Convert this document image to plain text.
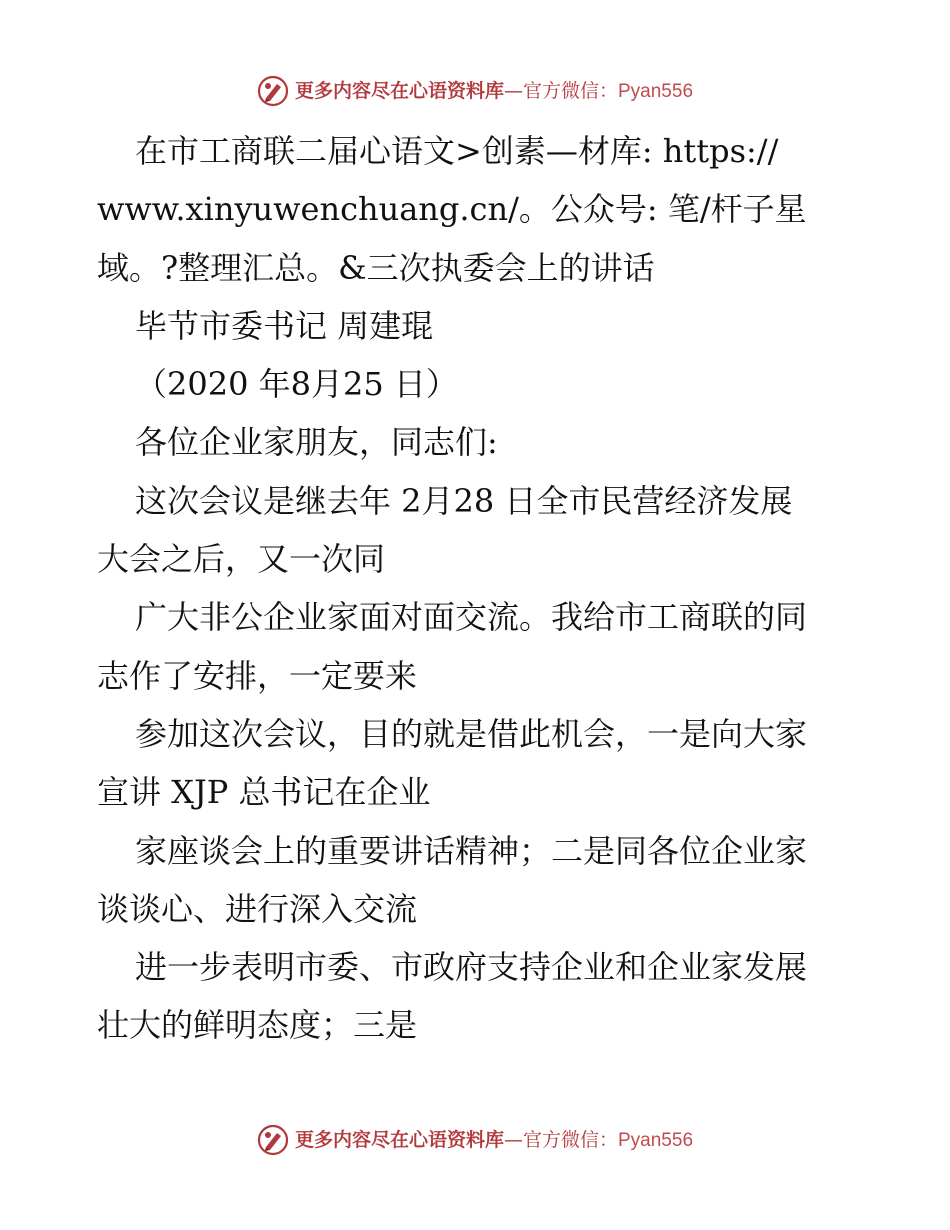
更多内容尽在心语资料库—官方微信：Pyan556
在市工商联二届心语文>创素—材库: https://
www.xinyuwenchuang.cn/。公众号: 笔/杆子星
域。?整理汇总。&三次执委会上的讲话
毕节市委书记 周建琨
（2020 年8月25 日）
各位企业家朋友，同志们:
这次会议是继去年 2月28 日全市民营经济发展
大会之后，又一次同
广大非公企业家面对面交流。我给市工商联的同
志作了安排，一定要来
参加这次会议，目的就是借此机会，一是向大家
宣讲 XJP 总书记在企业
家座谈会上的重要讲话精神；二是同各位企业家
谈谈心、进行深入交流
进一步表明市委、市政府支持企业和企业家发展
壮大的鲜明态度；三是
更多内容尽在心语资料库—官方微信：Pyan556
